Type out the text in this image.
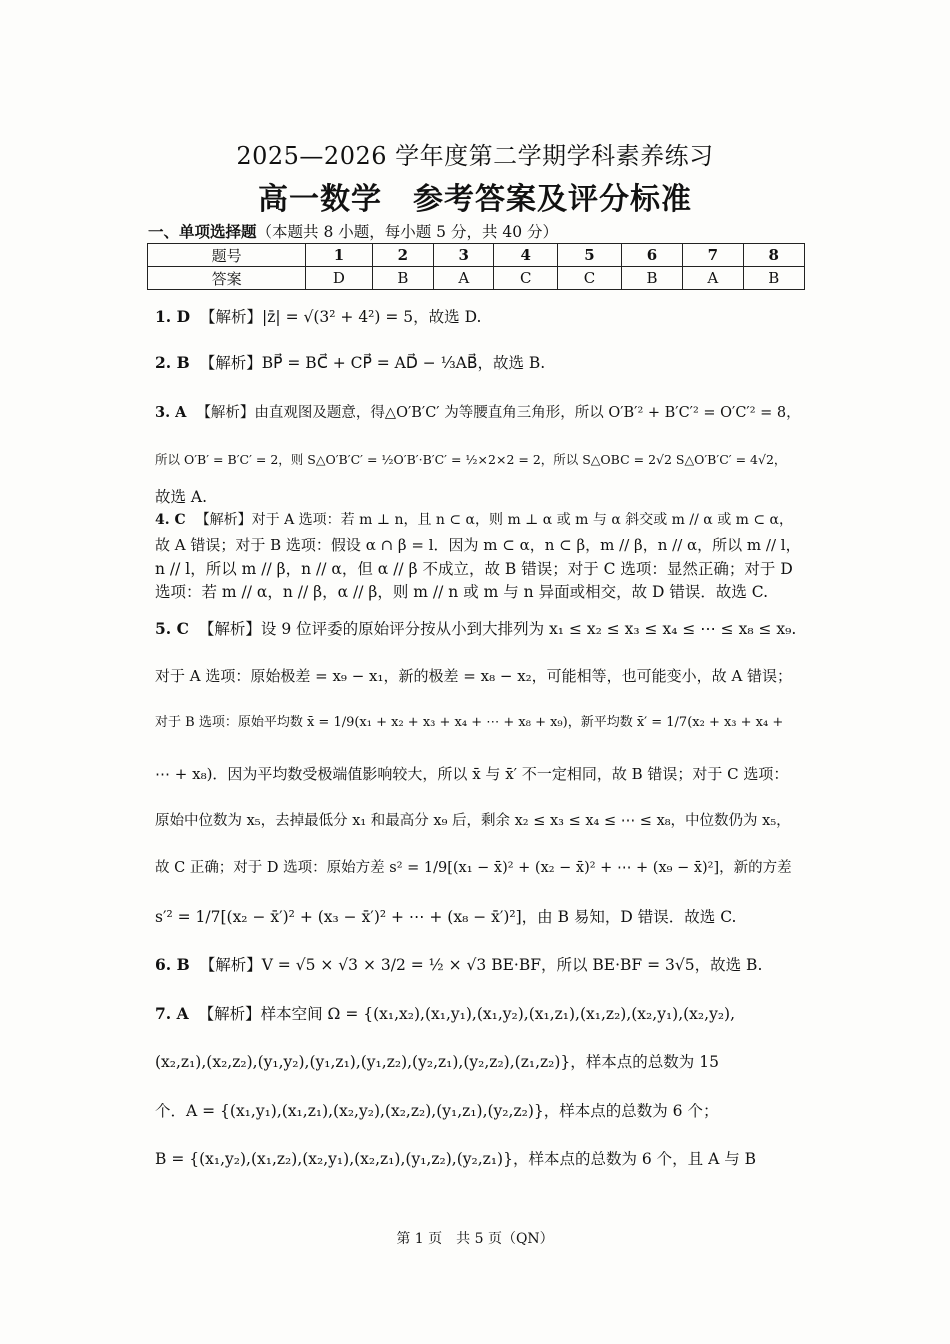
2025—2026 学年度第二学期学科素养练习
高一数学　参考答案及评分标准
一、单项选择题（本题共 8 小题，每小题 5 分，共 40 分）
题号	1	2	3	4	5	6	7	8
答案	D	B	A	C	C	B	A	B
1. D 【解析】|z̄| = √(3² + 4²) = 5，故选 D.
2. B 【解析】BP⃗ = BC⃗ + CP⃗ = AD⃗ − ⅓AB⃗，故选 B.
3. A 【解析】由直观图及题意，得△O′B′C′ 为等腰直角三角形，所以 O′B′² + B′C′² = O′C′² = 8，
所以 O′B′ = B′C′ = 2，则 S△O′B′C′ = ½O′B′·B′C′ = ½×2×2 = 2，所以 S△OBC = 2√2 S△O′B′C′ = 4√2，
故选 A.
4. C 【解析】对于 A 选项：若 m ⊥ n，且 n ⊂ α，则 m ⊥ α 或 m 与 α 斜交或 m // α 或 m ⊂ α，
故 A 错误；对于 B 选项：假设 α ∩ β = l．因为 m ⊂ α，n ⊂ β，m // β，n // α，所以 m // l，
n // l，所以 m // β，n // α，但 α // β 不成立，故 B 错误；对于 C 选项：显然正确；对于 D
选项：若 m // α，n // β，α // β，则 m // n 或 m 与 n 异面或相交，故 D 错误．故选 C.
5. C 【解析】设 9 位评委的原始评分按从小到大排列为 x₁ ≤ x₂ ≤ x₃ ≤ x₄ ≤ ⋯ ≤ x₈ ≤ x₉.
对于 A 选项：原始极差 = x₉ − x₁，新的极差 = x₈ − x₂，可能相等，也可能变小，故 A 错误；
对于 B 选项：原始平均数 x̄ = 1/9(x₁ + x₂ + x₃ + x₄ + ⋯ + x₈ + x₉)，新平均数 x̄′ = 1/7(x₂ + x₃ + x₄ +
⋯ + x₈)．因为平均数受极端值影响较大，所以 x̄ 与 x̄′ 不一定相同，故 B 错误；对于 C 选项：
原始中位数为 x₅，去掉最低分 x₁ 和最高分 x₉ 后，剩余 x₂ ≤ x₃ ≤ x₄ ≤ ⋯ ≤ x₈，中位数仍为 x₅，
故 C 正确；对于 D 选项：原始方差 s² = 1/9[(x₁ − x̄)² + (x₂ − x̄)² + ⋯ + (x₉ − x̄)²]，新的方差
s′² = 1/7[(x₂ − x̄′)² + (x₃ − x̄′)² + ⋯ + (x₈ − x̄′)²]，由 B 易知，D 错误．故选 C.
6. B 【解析】V = √5 × √3 × 3/2 = ½ × √3 BE·BF，所以 BE·BF = 3√5，故选 B.
7. A 【解析】样本空间 Ω = {(x₁,x₂),(x₁,y₁),(x₁,y₂),(x₁,z₁),(x₁,z₂),(x₂,y₁),(x₂,y₂),
(x₂,z₁),(x₂,z₂),(y₁,y₂),(y₁,z₁),(y₁,z₂),(y₂,z₁),(y₂,z₂),(z₁,z₂)}，样本点的总数为 15
个．A = {(x₁,y₁),(x₁,z₁),(x₂,y₂),(x₂,z₂),(y₁,z₁),(y₂,z₂)}，样本点的总数为 6 个；
B = {(x₁,y₂),(x₁,z₂),(x₂,y₁),(x₂,z₁),(y₁,z₂),(y₂,z₁)}，样本点的总数为 6 个，且 A 与 B
第 1 页　共 5 页（QN）
